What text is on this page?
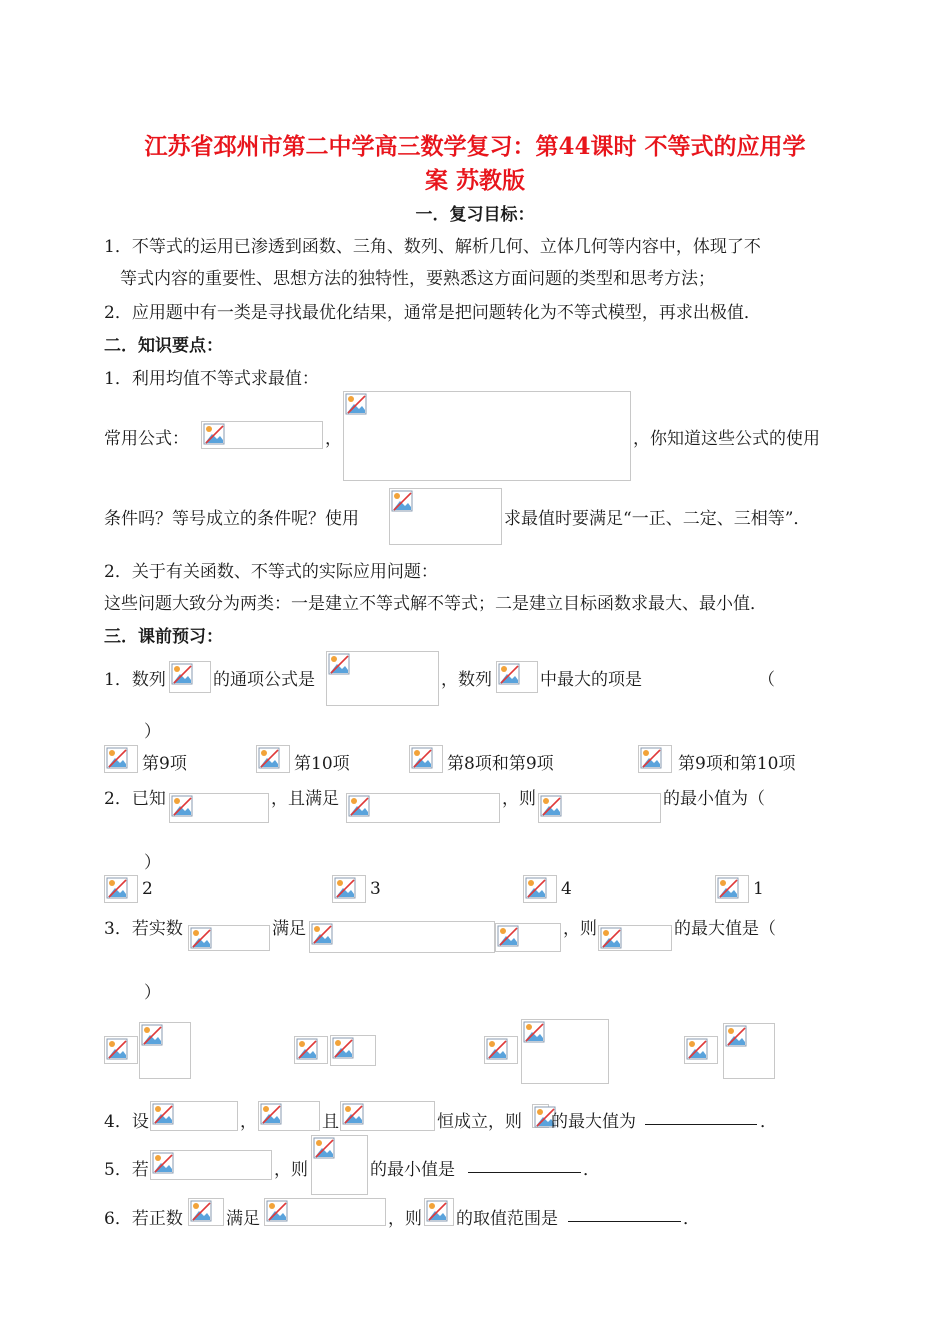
江苏省邳州市第二中学高三数学复习：第44课时 不等式的应用学
案 苏教版
一．复习目标：
1．不等式的运用已渗透到函数、三角、数列、解析几何、立体几何等内容中，体现了不
等式内容的重要性、思想方法的独特性，要熟悉这方面问题的类型和思考方法；
2．应用题中有一类是寻找最优化结果，通常是把问题转化为不等式模型，再求出极值．
二．知识要点：
1．利用均值不等式求最值：
常用公式：	，	，你知道这些公式的使用
条件吗？等号成立的条件呢？使用	求最值时要满足“一正、二定、三相等”．
2．关于有关函数、不等式的实际应用问题：
这些问题大致分为两类：一是建立不等式解不等式；二是建立目标函数求最大、最小值．
三．课前预习：
1．数列	的通项公式是	，数列	中最大的项是	（
）
第9项	第10项	第8项和第9项	第9项和第10项
2．已知	，且满足	，则	的最小值为（
）
2	3	4	1
3．若实数	满足	，则	的最大值是（
）
4．设	，	且	恒成立，则 的最大值为	．
5．若	，则	的最小值是	．
6．若正数	满足	，则 的取值范围是	．
